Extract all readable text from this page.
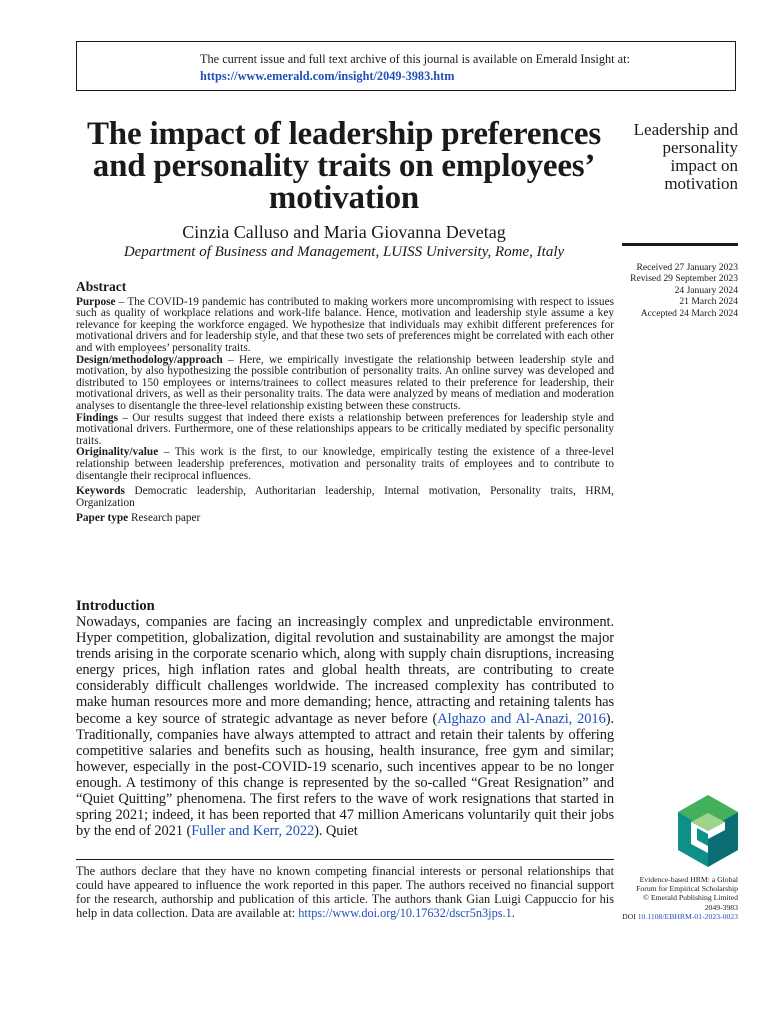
The current issue and full text archive of this journal is available on Emerald Insight at:
https://www.emerald.com/insight/2049-3983.htm
The impact of leadership preferences and personality traits on employees’ motivation
Cinzia Calluso and Maria Giovanna Devetag
Department of Business and Management, LUISS University, Rome, Italy

Leadership and personality impact on motivation

Received 27 January 2023
Revised 29 September 2023
24 January 2024
21 March 2024
Accepted 24 March 2024
Abstract

Purpose – The COVID-19 pandemic has contributed to making workers more uncompromising with respect to issues such as quality of workplace relations and work-life balance. Hence, motivation and leadership style assume a key relevance for keeping the workforce engaged. We hypothesize that individuals may exhibit different preferences for motivational drivers and for leadership style, and that these two sets of preferences might be correlated with each other and with employees’ personality traits.

Design/methodology/approach – Here, we empirically investigate the relationship between leadership style and motivation, by also hypothesizing the possible contribution of personality traits. An online survey was developed and distributed to 150 employees or interns/trainees to collect measures related to their preference for leadership, their motivational drivers, as well as their personality traits. The data were analyzed by means of mediation and moderation analyses to disentangle the three-level relationship existing between these constructs.

Findings – Our results suggest that indeed there exists a relationship between preferences for leadership style and motivational drivers. Furthermore, one of these relationships appears to be critically mediated by specific personality traits.

Originality/value – This work is the first, to our knowledge, empirically testing the existence of a three-level relationship between leadership preferences, motivation and personality traits of employees and to contribute to disentangle their reciprocal influences.

Keywords Democratic leadership, Authoritarian leadership, Internal motivation, Personality traits, HRM, Organization

Paper type Research paper

Introduction

Nowadays, companies are facing an increasingly complex and unpredictable environment. Hyper competition, globalization, digital revolution and sustainability are amongst the major trends arising in the corporate scenario which, along with supply chain disruptions, increasing energy prices, high inflation rates and global health threats, are contributing to create considerably difficult challenges worldwide. The increased complexity has contributed to make human resources more and more demanding; hence, attracting and retaining talents has become a key source of strategic advantage as never before (Alghazo and Al-Anazi, 2016). Traditionally, companies have always attempted to attract and retain their talents by offering competitive salaries and benefits such as housing, health insurance, free gym and similar; however, especially in the post-COVID-19 scenario, such incentives appear to be no longer enough. A testimony of this change is represented by the so-called “Great Resignation” and “Quiet Quitting” phenomena. The first refers to the wave of work resignations that started in spring 2021; indeed, it has been reported that 47 million Americans voluntarily quit their jobs by the end of 2021 (Fuller and Kerr, 2022). Quiet

The authors declare that they have no known competing financial interests or personal relationships that could have appeared to influence the work reported in this paper. The authors received no financial support for the research, authorship and publication of this article. The authors thank Gian Luigi Cappuccio for his help in data collection. Data are available at: https://www.doi.org/10.17632/dscr5n3jps.1.
Evidence-based HRM: a Global
Forum for Empirical Scholarship
© Emerald Publishing Limited
2049-3983
DOI 10.1108/EBHRM-01-2023-0023
